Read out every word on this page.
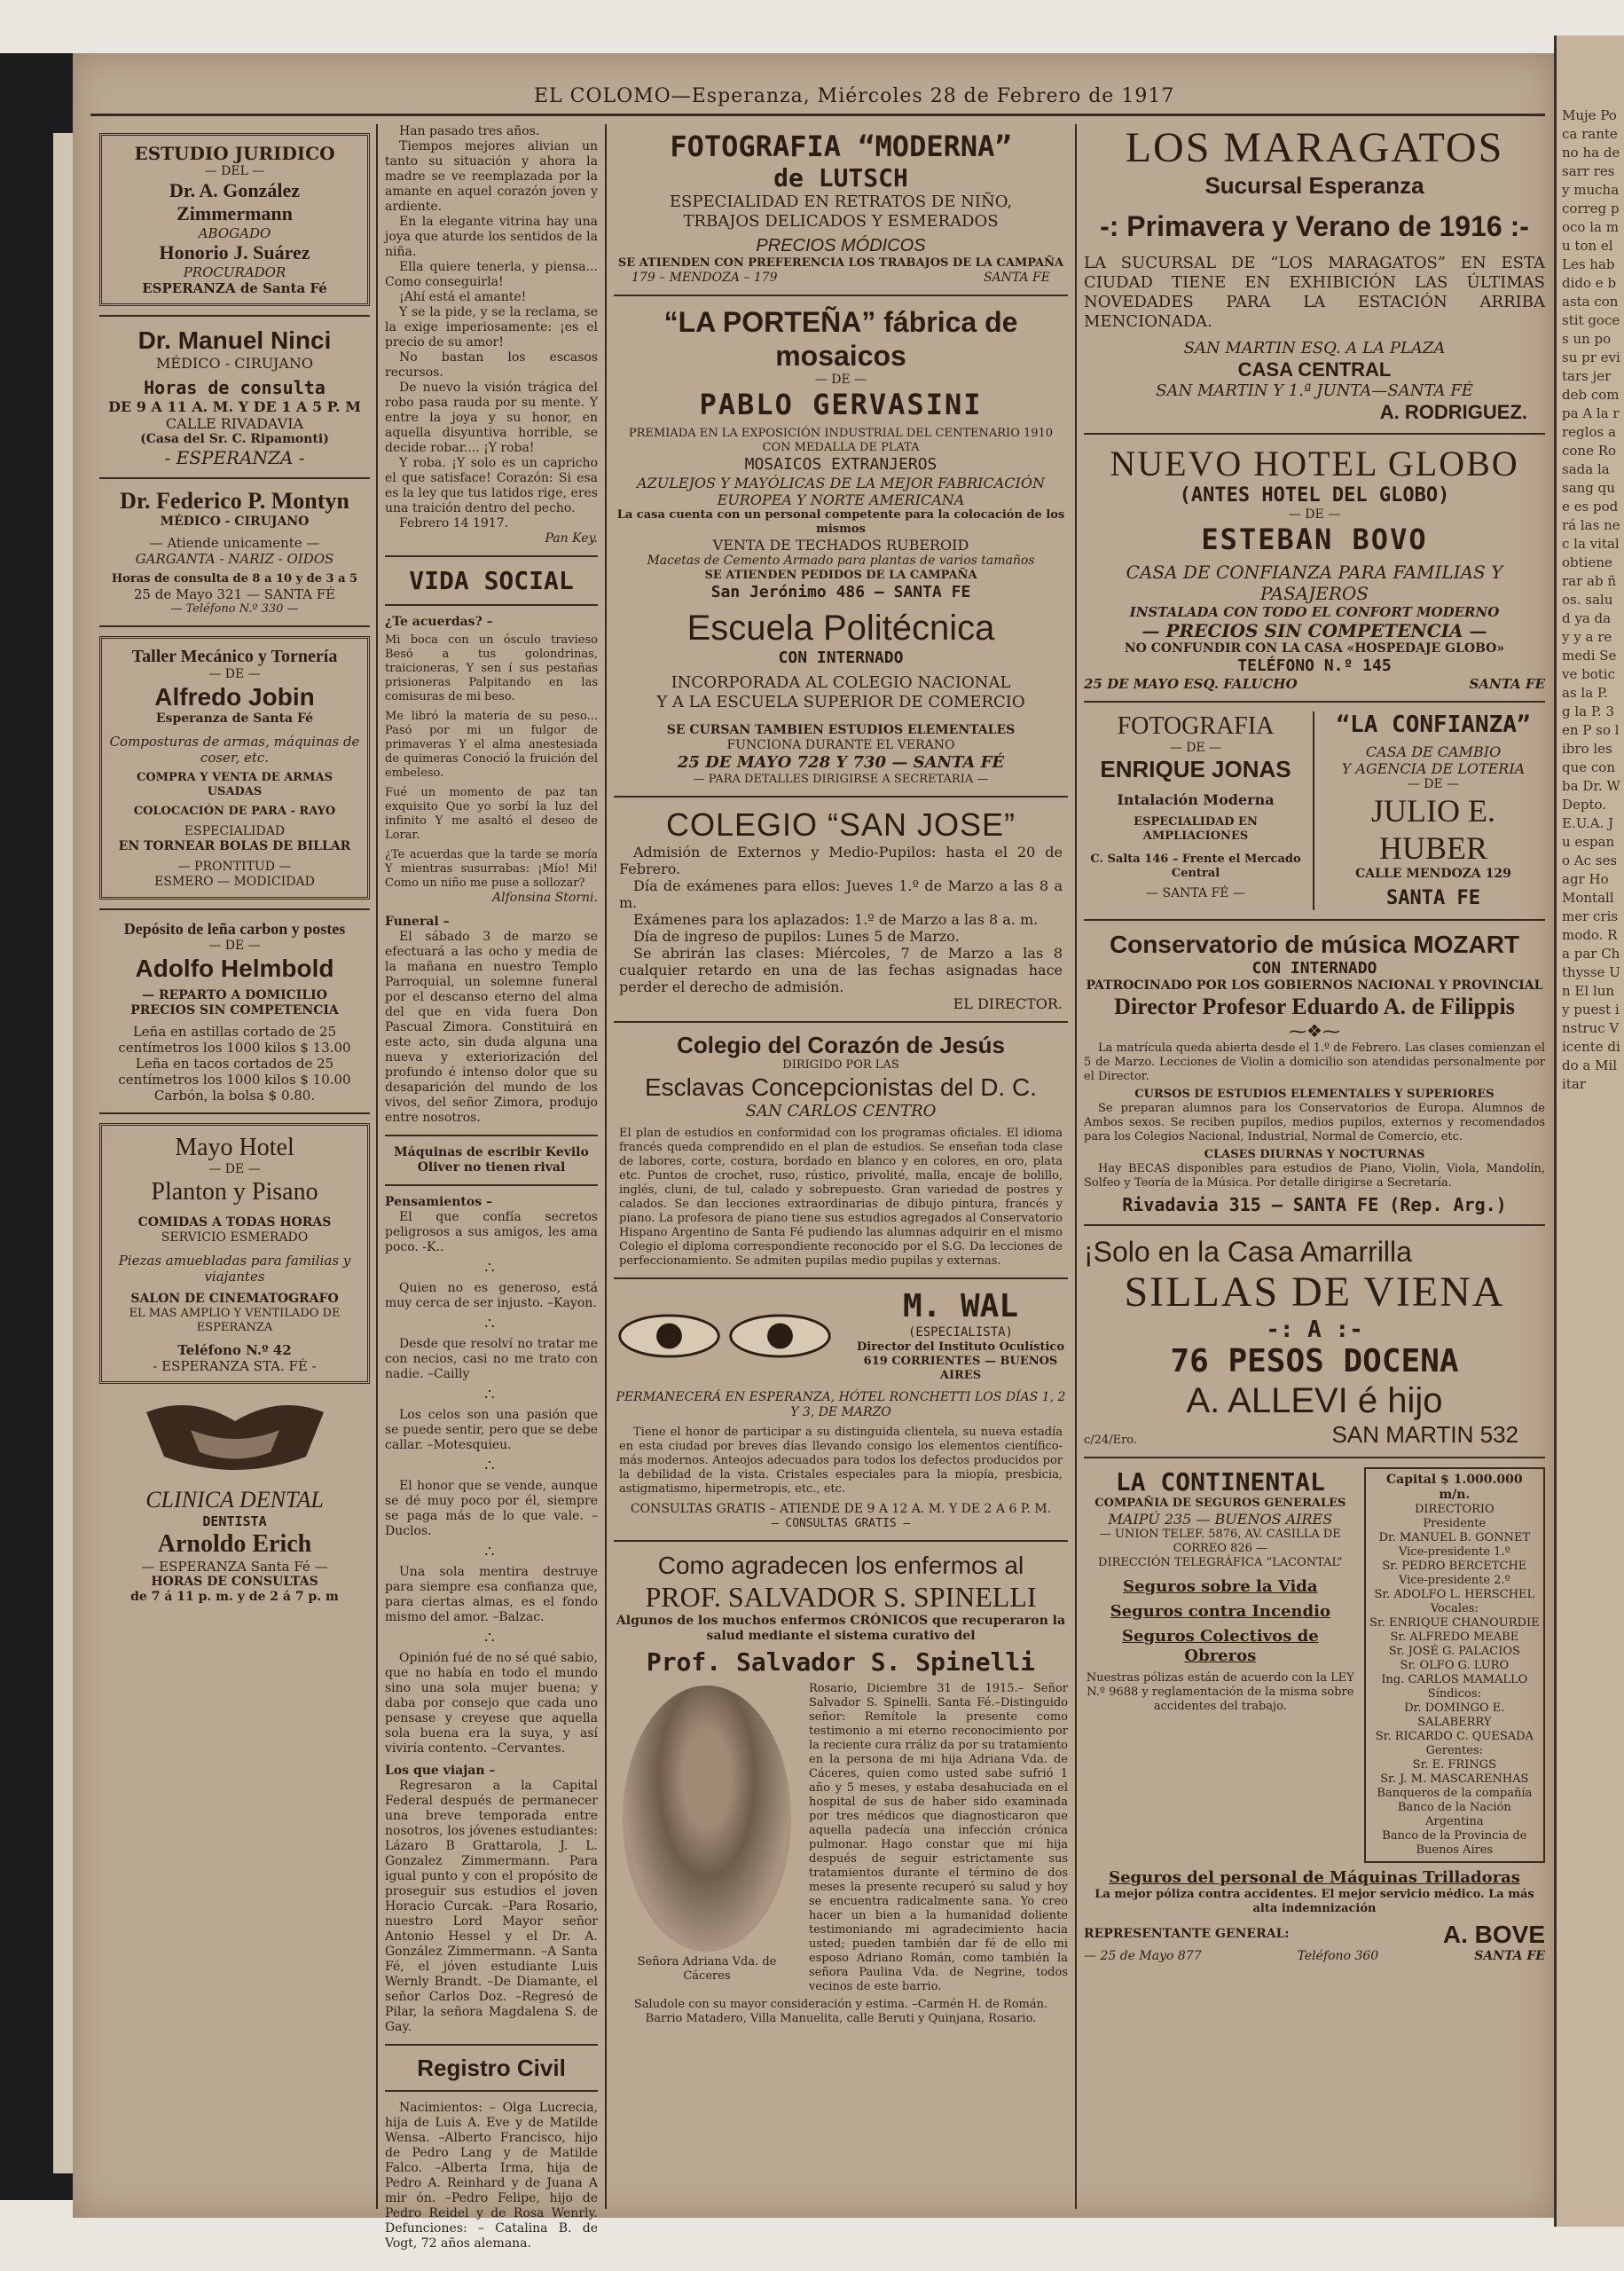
Muje Poca rante no ha desarr res y mucha correg poco la mu ton el Les hab dido e basta constit goces un po su pr evitars jer deb compa A la rreglos acone Rosada la sang que es podrá las nec la vital obtiene rar ab ños. salud ya da y y a remedi Se ve boticas la P. g la P. 3 en P so libro les que con ba Dr. W Depto. E.U.A. Ju espano Ac ses agr Ho Montall mer cris modo. Ra par Ch thysse Un El lun y puest instruc Vicente dido a Militar
EL COLOMO—Esperanza, Miércoles 28 de Febrero de 1917

ESTUDIO JURIDICO

— DEL —

Dr. A. González Zimmermann

ABOGADO

Honorio J. Suárez

PROCURADOR

ESPERANZA de Santa Fé

Dr. Manuel Ninci

MÉDICO - CIRUJANO

Horas de consulta

DE 9 A 11 A. M. Y DE 1 A 5 P. M

CALLE RIVADAVIA

(Casa del Sr. C. Ripamonti)

- ESPERANZA -

Dr. Federico P. Montyn

MÉDICO - CIRUJANO

— Atiende unicamente —

GARGANTA - NARIZ - OIDOS

Horas de consulta de 8 a 10 y de 3 a 5

25 de Mayo 321 — SANTA FÉ

— Teléfono N.º 330 —

Taller Mecánico y Tornería

— DE —

Alfredo Jobin

Esperanza de Santa Fé

Composturas de armas, máquinas de coser, etc.

COMPRA Y VENTA DE ARMAS USADAS

COLOCACIÓN DE PARA - RAYO

ESPECIALIDAD

EN TORNEAR BOLAS DE BILLAR

— PRONTITUD —

ESMERO — MODICIDAD

Depósito de leña carbon y postes

— DE —

Adolfo Helmbold

— REPARTO A DOMICILIO

PRECIOS SIN COMPETENCIA

Leña en astillas cortado de 25

centímetros los 1000 kilos $ 13.00

Leña en tacos cortados de 25

centímetros los 1000 kilos $ 10.00

Carbón, la bolsa $ 0.80.

Mayo Hotel

— DE —

Planton y Pisano

COMIDAS A TODAS HORAS

SERVICIO ESMERADO

Piezas amuebladas para familias y viajantes

SALON DE CINEMATOGRAFO

EL MAS AMPLIO Y VENTILADO DE ESPERANZA

Teléfono N.º 42

- ESPERANZA STA. FÉ -

CLINICA DENTAL

DENTISTA

Arnoldo Erich

— ESPERANZA Santa Fé —

HORAS DE CONSULTAS

de 7 á 11 p. m. y de 2 á 7 p. m

Han pasado tres años.

Tiempos mejores alivian un tanto su situación y ahora la madre se ve reemplazada por la amante en aquel corazón joven y ardiente.

En la elegante vitrina hay una joya que aturde los sentidos de la niña.

Ella quiere tenerla, y piensa... Como conseguirla!

¡Ahí está el amante!

Y se la pide, y se la reclama, se la exige imperiosamente: ¡es el precio de su amor!

No bastan los escasos recursos.

De nuevo la visión trágica del robo pasa rauda por su mente. Y entre la joya y su honor, en aquella disyuntiva horrible, se decide robar.... ¡Y roba!

Y roba. ¡Y solo es un capricho el que satisface! Corazón: Si esa es la ley que tus latidos rige, eres una traición dentro del pecho.

Febrero 14 1917.

Pan Key.

VIDA SOCIAL

¿Te acuerdas? –

Mi boca con un ósculo travieso Besó a tus golondrinas, traicioneras, Y sen í sus pestañas prisioneras Palpitando en las comisuras de mi beso.

Me libró la materia de su peso... Pasó por mi un fulgor de primaveras Y el alma anestesiada de quimeras Conoció la fruición del embeleso.

Fué un momento de paz tan exquisito Que yo sorbí la luz del infinito Y me asaltó el deseo de Lorar.

¿Te acuerdas que la tarde se moría Y mientras susurrabas: ¡Mío! Mi! Como un niño me puse a sollozar?

Alfonsina Storni.

Funeral –

El sábado 3 de marzo se efectuará a las ocho y media de la mañana en nuestro Templo Parroquial, un solemne funeral por el descanso eterno del alma del que en vida fuera Don Pascual Zimora. Constituirá en este acto, sin duda alguna una nueva y exteriorización del profundo é intenso dolor que su desaparición del mundo de los vivos, del señor Zimora, produjo entre nosotros.

Máquinas de escribir Kevilo Oliver no tienen rival

Pensamientos –

El que confía secretos peligrosos a sus amigos, les ama poco. -K..

∴

Quien no es generoso, está muy cerca de ser injusto. –Kayon.

∴

Desde que resolví no tratar me con necios, casi no me trato con nadie. –Cailly

∴

Los celos son una pasión que se puede sentir, pero que se debe callar. –Motesquieu.

∴

El honor que se vende, aunque se dé muy poco por él, siempre se paga más de lo que vale. –Duclos.

∴

Una sola mentira destruye para siempre esa confianza que, para ciertas almas, es el fondo mismo del amor. –Balzac.

∴

Opinión fué de no sé qué sabio, que no había en todo el mundo sino una sola mujer buena; y daba por consejo que cada uno pensase y creyese que aquella sola buena era la suya, y así viviría contento. –Cervantes.

Los que viajan –

Regresaron a la Capital Federal después de permanecer una breve temporada entre nosotros, los jóvenes estudiantes: Lázaro B Grattarola, J. L. Gonzalez Zimmermann. Para igual punto y con el propósito de proseguir sus estudios el joven Horacio Curcak. –Para Rosario, nuestro Lord Mayor señor Antonio Hessel y el Dr. A. González Zimmermann. –A Santa Fé, el jóven estudiante Luis Wernly Brandt. –De Diamante, el señor Carlos Doz. –Regresó de Pilar, la señora Magdalena S. de Gay.

Registro Civil

Nacimientos: – Olga Lucrecia, hija de Luis A. Eve y de Matilde Wensa. –Alberto Francisco, hijo de Pedro Lang y de Matilde Falco. –Alberta Irma, hija de Pedro A. Reinhard y de Juana A mir ón. –Pedro Felipe, hijo de Pedro Reidel y de Rosa Wenrly. Defunciones: – Catalina B. de Vogt, 72 años alemana.

FOTOGRAFIA “MODERNA”

de LUTSCH

ESPECIALIDAD EN RETRATOS DE NIÑO,

TRBAJOS DELICADOS Y ESMERADOS

PRECIOS MÓDICOS

SE ATIENDEN CON PREFERENCIA LOS TRABAJOS DE LA CAMPAÑA

179 – MENDOZA – 179	SANTA FE

“LA PORTEÑA” fábrica de mosaicos

— DE —

PABLO GERVASINI

PREMIADA EN LA EXPOSICIÓN INDUSTRIAL DEL CENTENARIO 1910 CON MEDALLA DE PLATA

MOSAICOS EXTRANJEROS

AZULEJOS Y MAYÓLICAS DE LA MEJOR FABRICACIÓN EUROPEA Y NORTE AMERICANA

La casa cuenta con un personal competente para la colocación de los mismos

VENTA DE TECHADOS RUBEROID

Macetas de Cemento Armado para plantas de varios tamaños

SE ATIENDEN PEDIDOS DE LA CAMPAÑA

San Jerónimo 486 — SANTA FE

Escuela Politécnica

CON INTERNADO

INCORPORADA AL COLEGIO NACIONAL

Y A LA ESCUELA SUPERIOR DE COMERCIO

SE CURSAN TAMBIEN ESTUDIOS ELEMENTALES

FUNCIONA DURANTE EL VERANO

25 DE MAYO 728 Y 730 — SANTA FÉ

— PARA DETALLES DIRIGIRSE A SECRETARIA —

COLEGIO “SAN JOSE”

Admisión de Externos y Medio-Pupilos: hasta el 20 de Febrero.

Día de exámenes para ellos: Jueves 1.º de Marzo a las 8 a m.

Exámenes para los aplazados: 1.º de Marzo a las 8 a. m.

Día de ingreso de pupilos: Lunes 5 de Marzo.

Se abrirán las clases: Miércoles, 7 de Marzo a las 8 cualquier retardo en una de las fechas asignadas hace perder el derecho de admisión.

EL DIRECTOR.

Colegio del Corazón de Jesús

DIRIGIDO POR LAS

Esclavas Concepcionistas del D. C.

SAN CARLOS CENTRO

El plan de estudios en conformidad con los programas oficiales. El idioma francés queda comprendido en el plan de estudios. Se enseñan toda clase de labores, corte, costura, bordado en blanco y en colores, en oro, plata etc. Puntos de crochet, ruso, rústico, privolité, malla, encaje de bolillo, inglés, cluni, de tul, calado y sobrepuesto. Gran variedad de postres y calados. Se dan lecciones extraordinarias de dibujo pintura, francés y piano. La profesora de piano tiene sus estudios agregados al Conservatorio Hispano Argentino de Santa Fé pudiendo las alumnas adquirir en el mismo Colegio el diploma correspondiente reconocido por el S.G. Da lecciones de perfeccionamiento. Se admiten pupilas medio pupilas y externas.

M. WAL

(ESPECIALISTA)

Director del Instituto Oculístico

619 CORRIENTES — BUENOS AIRES

PERMANECERÁ EN ESPERANZA, HÓTEL RONCHETTI LOS DÍAS 1, 2 Y 3, DE MARZO

Tiene el honor de participar a su distinguida clientela, su nueva estadía en esta ciudad por breves días llevando consigo los elementos científico-más modernos. Anteojos adecuados para todos los defectos producidos por la debilidad de la vista. Cristales especiales para la miopía, presbicia, astigmatismo, hipermetropis, etc., etc.

CONSULTAS GRATIS – ATIENDE DE 9 A 12 A. M. Y DE 2 A 6 P. M.

— CONSULTAS GRATIS —

Como agradecen los enfermos al

PROF. SALVADOR S. SPINELLI

Algunos de los muchos enfermos CRÓNICOS que recuperaron la salud mediante el sistema curativo del

Prof. Salvador S. Spinelli

Señora Adriana Vda. de Cáceres

Rosario, Diciembre 31 de 1915.– Señor Salvador S. Spinelli. Santa Fé.–Distinguido señor: Remítole la presente como testimonio a mi eterno reconocimiento por la reciente cura rráliz da por su tratamiento en la persona de mi hija Adriana Vda. de Cáceres, quien como usted sabe sufrió 1 año y 5 meses, y estaba desahuciada en el hospital de sus de haber sido examinada por tres médicos que diagnosticaron que aquella padecía una infección crónica pulmonar. Hago constar que mi hija después de seguir estrictamente sus tratamientos durante el término de dos meses la presente recuperó su salud y hoy se encuentra radicalmente sana. Yo creo hacer un bien a la humanidad doliente testimoniando mi agradecimiento hacia usted; pueden también dar fé de ello mi esposo Adriano Román, como también la señora Paulina Vda. de Negrine, todos vecinos de este barrio.

Saludole con su mayor consideración y estima. –Carmén H. de Román. Barrio Matadero, Villa Manuelita, calle Beruti y Quinjana, Rosario.

LOS MARAGATOS

Sucursal Esperanza

-: Primavera y Verano de 1916 :-

LA SUCURSAL DE “LOS MARAGATOS” EN ESTA CIUDAD TIENE EN EXHIBICIÓN LAS ÚLTIMAS NOVEDADES PARA LA ESTACIÓN ARRIBA MENCIONADA.

SAN MARTIN ESQ. A LA PLAZA

CASA CENTRAL

SAN MARTIN Y 1.ª JUNTA—SANTA FÉ

A. RODRIGUEZ.

NUEVO HOTEL GLOBO

(ANTES HOTEL DEL GLOBO)

— DE —

ESTEBAN BOVO

CASA DE CONFIANZA PARA FAMILIAS Y PASAJEROS

INSTALADA CON TODO EL CONFORT MODERNO

— PRECIOS SIN COMPETENCIA —

NO CONFUNDIR CON LA CASA «HOSPEDAJE GLOBO»

TELÉFONO N.º 145

25 DE MAYO ESQ. FALUCHO	SANTA FE

FOTOGRAFIA

— DE —

ENRIQUE JONAS

Intalación Moderna

ESPECIALIDAD EN AMPLIACIONES

C. Salta 146 – Frente el Mercado Central

— SANTA FÉ —

“LA CONFIANZA”

CASA DE CAMBIO

Y AGENCIA DE LOTERIA

— DE —

JULIO E. HUBER

CALLE MENDOZA 129

SANTA FE

Conservatorio de música MOZART

CON INTERNADO

PATROCINADO POR LOS GOBIERNOS NACIONAL Y PROVINCIAL

Director Profesor Eduardo A. de Filippis

⁓❖⁓

La matrícula queda abierta desde el 1.º de Febrero. Las clases comienzan el 5 de Marzo. Lecciones de Violin a domicilio son atendidas personalmente por el Director.

CURSOS DE ESTUDIOS ELEMENTALES Y SUPERIORES

Se preparan alumnos para los Conservatorios de Europa. Alumnos de Ambos sexos. Se reciben pupilos, medios pupilos, externos y recomendados para los Colegios Nacional, Industrial, Normal de Comercio, etc.

CLASES DIURNAS Y NOCTURNAS

Hay BECAS disponibles para estudios de Piano, Violin, Viola, Mandolín, Solfeo y Teoría de la Música. Por detalle dirigirse a Secretaría.

Rivadavia 315 — SANTA FE (Rep. Arg.)

¡Solo en la Casa Amarrilla

SILLAS DE VIENA

-: A :-

76 PESOS DOCENA

A. ALLEVI é hijo

c/24/Ero.	SAN MARTIN 532

LA CONTINENTAL

COMPAÑIA DE SEGUROS GENERALES

MAIPÚ 235 — BUENOS AIRES

— UNION TELEF. 5876, AV. CASILLA DE CORREO 826 —

DIRECCIÓN TELEGRÁFICA “LACONTAL”

Seguros sobre la Vida

Seguros contra Incendio

Seguros Colectivos de Obreros

Nuestras pólizas están de acuerdo con la LEY N.º 9688 y reglamentación de la misma sobre accidentes del trabajo.

Capital $ 1.000.000 m/n.

DIRECTORIO

Presidente

Dr. MANUEL B. GONNET

Vice-presidente 1.º

Sr. PEDRO BERCETCHE

Vice-presidente 2.º

Sr. ADOLFO L. HERSCHEL

Vocales:

Sr. ENRIQUE CHANOURDIE

Sr. ALFREDO MEABE

Sr. JOSÉ G. PALACIOS

Sr. OLFO G. LURO

Ing. CARLOS MAMALLO

Síndicos:

Dr. DOMINGO E. SALABERRY

Sr. RICARDO C. QUESADA

Gerentes:

Sr. E. FRINGS

Sr. J. M. MASCARENHAS

Banqueros de la compañía

Banco de la Nación Argentina

Banco de la Provincia de Buenos Aires

Seguros del personal de Máquinas Trilladoras

La mejor póliza contra accidentes. El mejor servicio médico. La más alta indemnización

REPRESENTANTE GENERAL:	A. BOVE
— 25 de Mayo 877	Teléfono 360	SANTA FE
